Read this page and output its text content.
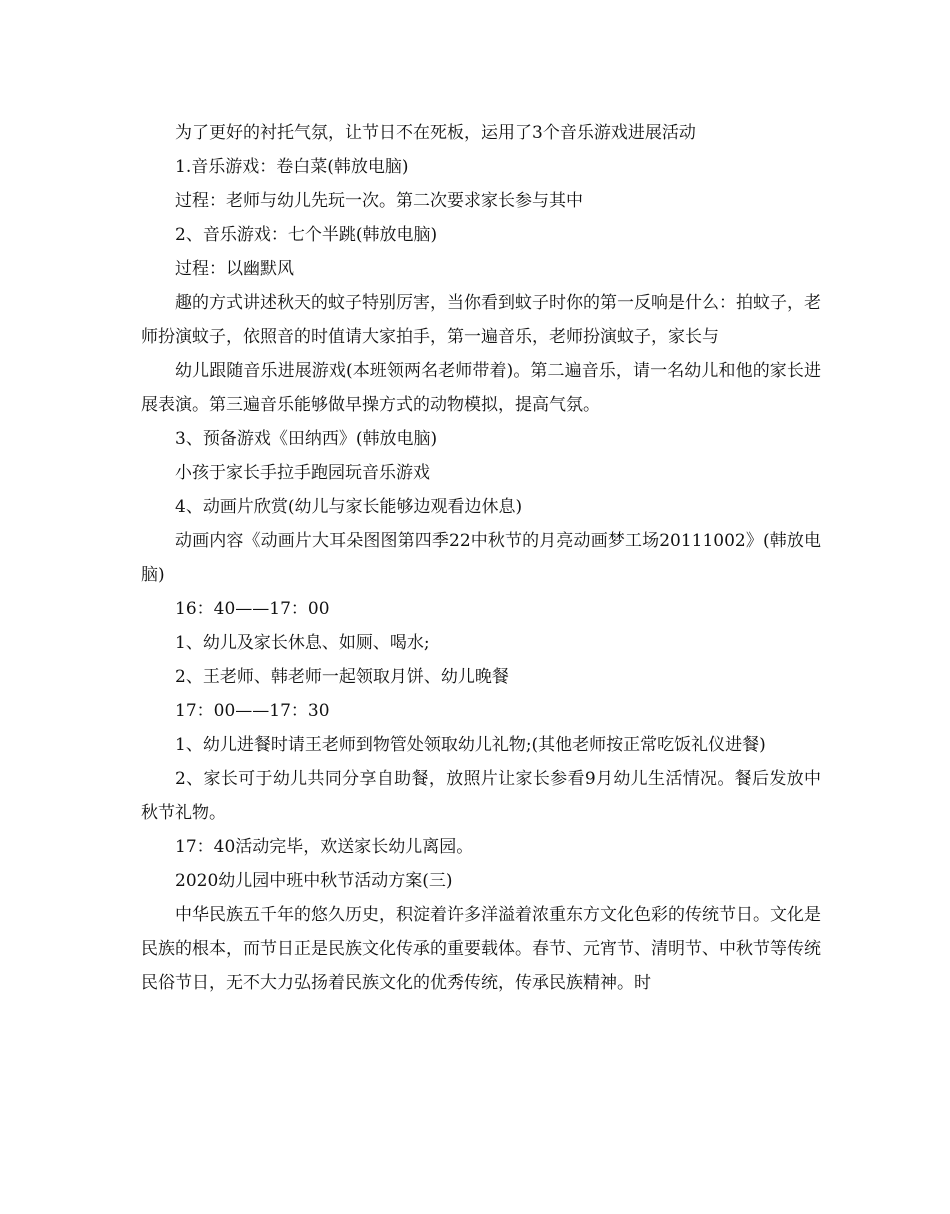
为了更好的衬托气氛，让节日不在死板，运用了3个音乐游戏进展活动

1.音乐游戏：卷白菜(韩放电脑)

过程：老师与幼儿先玩一次。第二次要求家长参与其中

2、音乐游戏：七个半跳(韩放电脑)

过程：以幽默风

趣的方式讲述秋天的蚊子特别厉害，当你看到蚊子时你的第一反响是什么：拍蚊子，老师扮演蚊子，依照音的时值请大家拍手，第一遍音乐，老师扮演蚊子，家长与

幼儿跟随音乐进展游戏(本班领两名老师带着)。第二遍音乐，请一名幼儿和他的家长进展表演。第三遍音乐能够做早操方式的动物模拟，提高气氛。

3、预备游戏《田纳西》(韩放电脑)

小孩于家长手拉手跑园玩音乐游戏

4、动画片欣赏(幼儿与家长能够边观看边休息)

动画内容《动画片大耳朵图图第四季22中秋节的月亮动画梦工场20111002》(韩放电脑)

16：40——17：00

1、幼儿及家长休息、如厕、喝水;

2、王老师、韩老师一起领取月饼、幼儿晚餐

17：00——17：30

1、幼儿进餐时请王老师到物管处领取幼儿礼物;(其他老师按正常吃饭礼仪进餐)

2、家长可于幼儿共同分享自助餐，放照片让家长参看9月幼儿生活情况。餐后发放中秋节礼物。

17：40活动完毕，欢送家长幼儿离园。

2020幼儿园中班中秋节活动方案(三)

中华民族五千年的悠久历史，积淀着许多洋溢着浓重东方文化色彩的传统节日。文化是民族的根本，而节日正是民族文化传承的重要载体。春节、元宵节、清明节、中秋节等传统民俗节日，无不大力弘扬着民族文化的优秀传统，传承民族精神。时
